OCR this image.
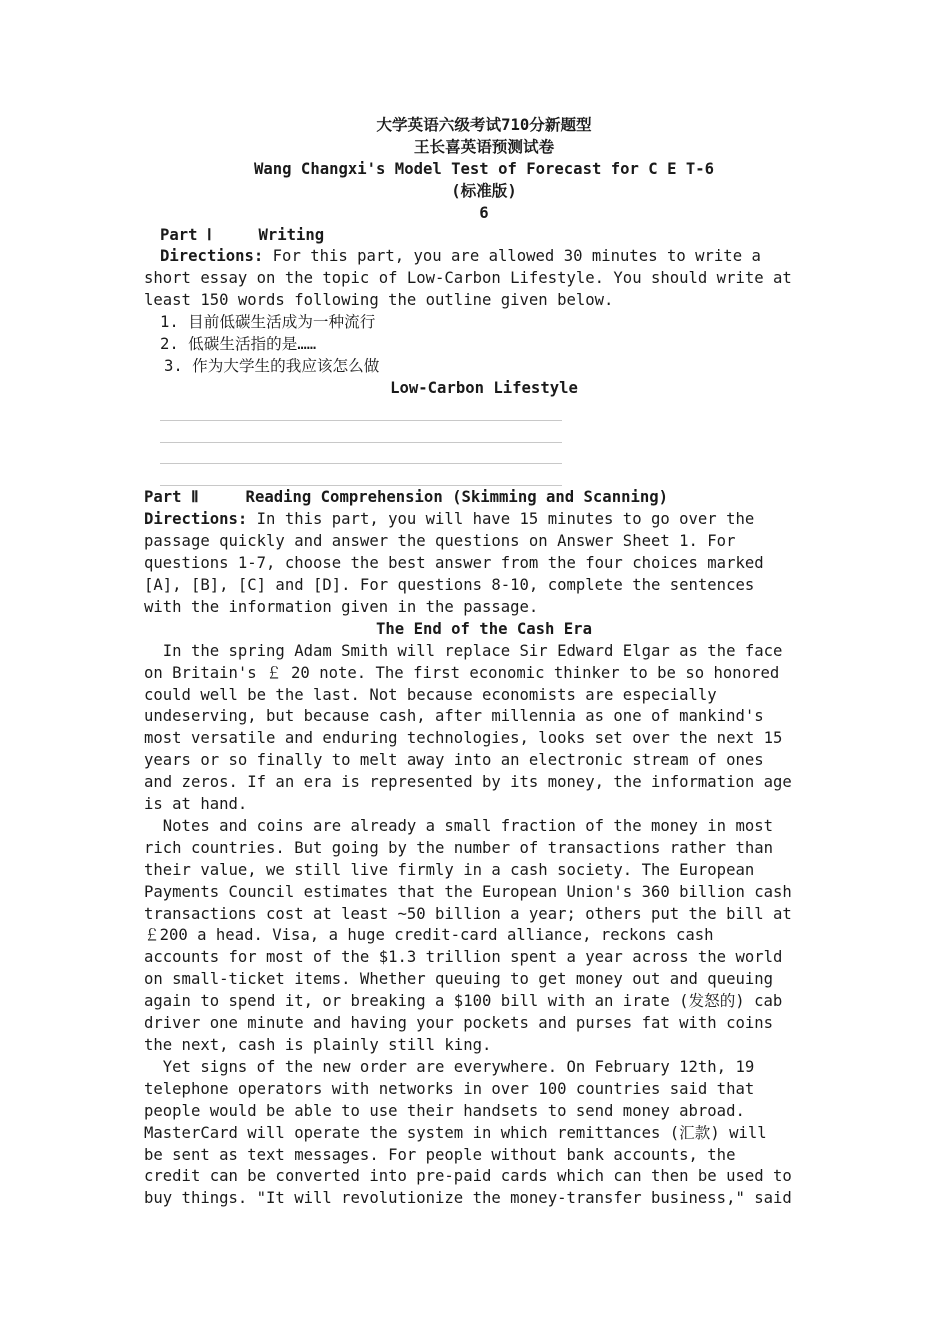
大学英语六级考试710分新题型
王长喜英语预测试卷
Wang Changxi's Model Test of Forecast for C E T-6
(标准版)
6
Part Ⅰ     Writing
Directions: For this part, you are allowed 30 minutes to write a
short essay on the topic of Low-Carbon Lifestyle. You should write at
least 150 words following the outline given below.
1. 目前低碳生活成为一种流行
2. 低碳生活指的是……
3. 作为大学生的我应该怎么做
Low-Carbon Lifestyle
Part Ⅱ     Reading Comprehension (Skimming and Scanning)
Directions: In this part, you will have 15 minutes to go over the
passage quickly and answer the questions on Answer Sheet 1. For
questions 1-7, choose the best answer from the four choices marked
[A], [B], [C] and [D]. For questions 8-10, complete the sentences
with the information given in the passage.
The End of the Cash Era
In the spring Adam Smith will replace Sir Edward Elgar as the face
on Britain's ￡ 20 note. The first economic thinker to be so honored
could well be the last. Not because economists are especially
undeserving, but because cash, after millennia as one of mankind's
most versatile and enduring technologies, looks set over the next 15
years or so finally to melt away into an electronic stream of ones
and zeros. If an era is represented by its money, the information age
is at hand.
Notes and coins are already a small fraction of the money in most
rich countries. But going by the number of transactions rather than
their value, we still live firmly in a cash society. The European
Payments Council estimates that the European Union's 360 billion cash
transactions cost at least ~50 billion a year; others put the bill at
￡200 a head. Visa, a huge credit-card alliance, reckons cash
accounts for most of the $1.3 trillion spent a year across the world
on small-ticket items. Whether queuing to get money out and queuing
again to spend it, or breaking a $100 bill with an irate (发怒的) cab
driver one minute and having your pockets and purses fat with coins
the next, cash is plainly still king.
Yet signs of the new order are everywhere. On February 12th, 19
telephone operators with networks in over 100 countries said that
people would be able to use their handsets to send money abroad.
MasterCard will operate the system in which remittances (汇款) will
be sent as text messages. For people without bank accounts, the
credit can be converted into pre-paid cards which can then be used to
buy things. "It will revolutionize the money-transfer business," said
